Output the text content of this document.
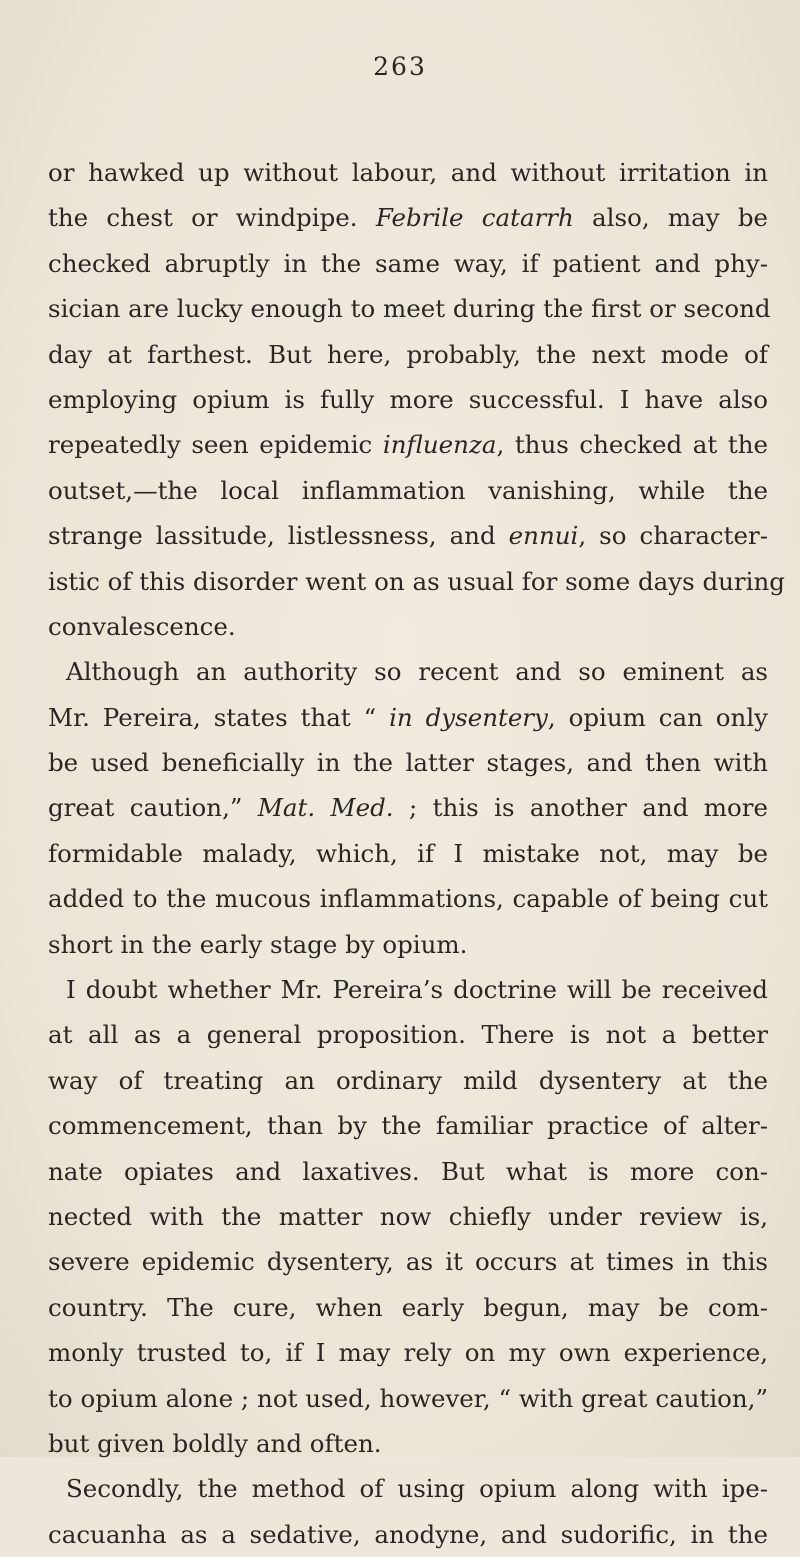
263
or hawked up without labour, and without irritation in
the chest or windpipe. Febrile catarrh also, may be
checked abruptly in the same way, if patient and phy-
sician are lucky enough to meet during the first or second
day at farthest. But here, probably, the next mode of
employing opium is fully more successful. I have also
repeatedly seen epidemic influenza, thus checked at the
outset,—the local inflammation vanishing, while the
strange lassitude, listlessness, and ennui, so character-
istic of this disorder went on as usual for some days during
convalescence.
Although an authority so recent and so eminent as
Mr. Pereira, states that “ in dysentery, opium can only
be used beneficially in the latter stages, and then with
great caution,” Mat. Med. ; this is another and more
formidable malady, which, if I mistake not, may be
added to the mucous inflammations, capable of being cut
short in the early stage by opium.
I doubt whether Mr. Pereira’s doctrine will be received
at all as a general proposition. There is not a better
way of treating an ordinary mild dysentery at the
commencement, than by the familiar practice of alter-
nate opiates and laxatives. But what is more con-
nected with the matter now chiefly under review is,
severe epidemic dysentery, as it occurs at times in this
country. The cure, when early begun, may be com-
monly trusted to, if I may rely on my own experience,
to opium alone ; not used, however, “ with great caution,”
but given boldly and often.
Secondly, the method of using opium along with ipe-
cacuanha as a sedative, anodyne, and sudorific, in the
